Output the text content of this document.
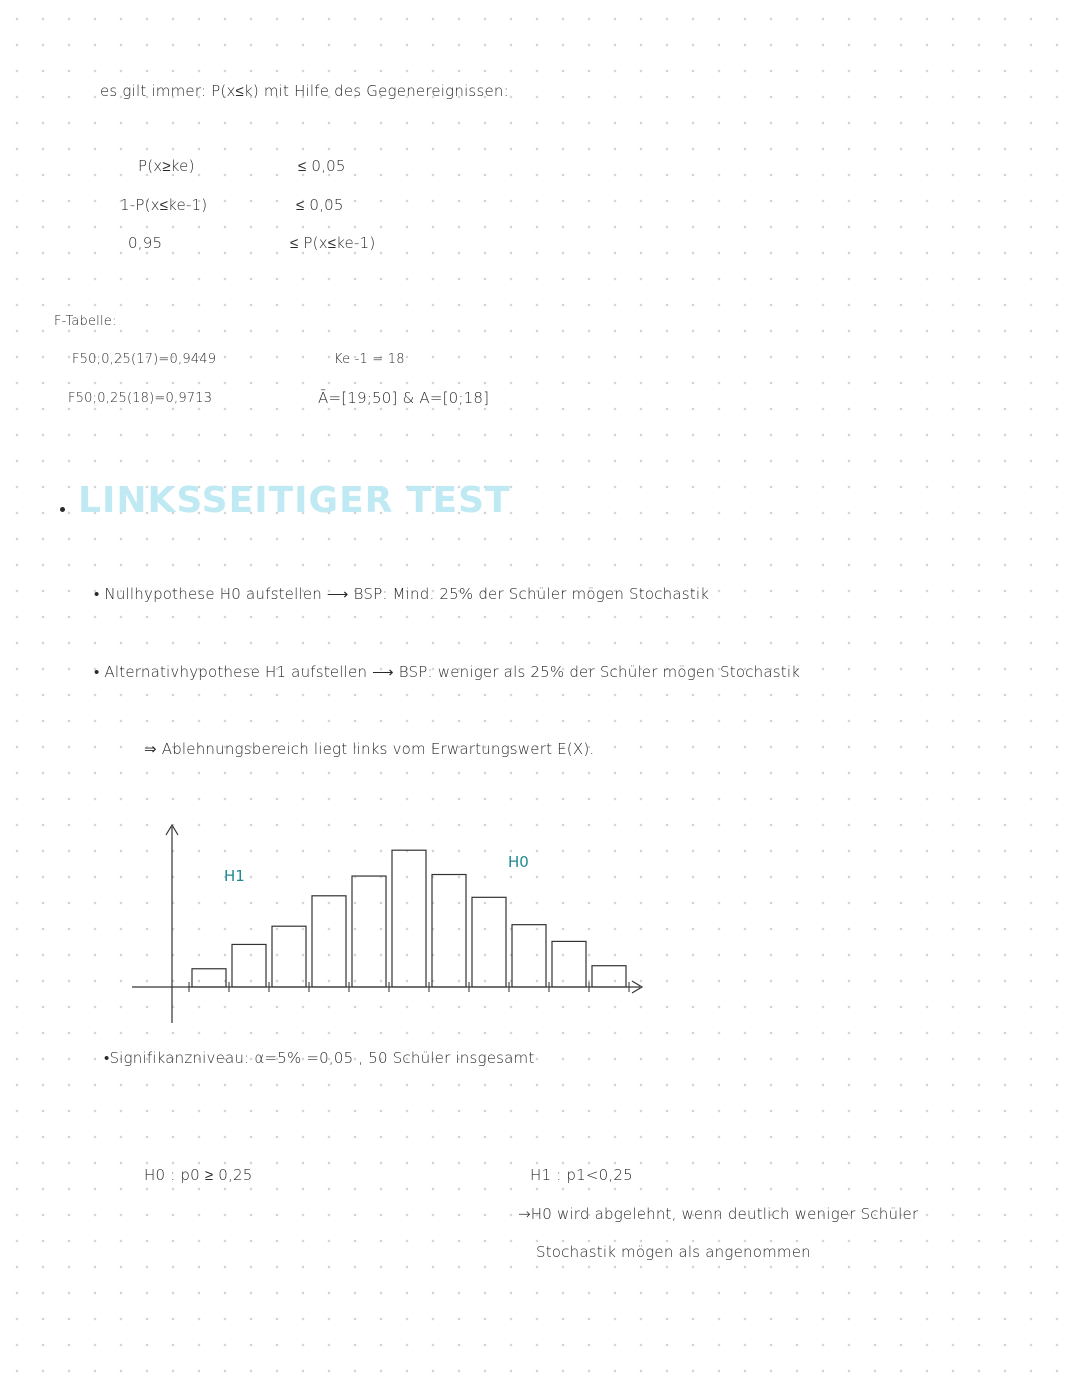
es gilt immer: P(x≤k) mit Hilfe des Gegenereignissen:
P(x≥ke)	≤ 0,05
1-P(x≤ke-1)	≤ 0,05
0,95	≤ P(x≤ke-1)
F-Tabelle:
F50;0,25(17)=0,9449	Ke -1 = 18
F50;0,25(18)=0,9713	Ā=[19;50] & A=[0;18]
LINKSSEITIGER TEST
• Nullhypothese H0 aufstellen ⟶ BSP: Mind. 25% der Schüler mögen Stochastik
• Alternativhypothese H1 aufstellen ⟶ BSP: weniger als 25% der Schüler mögen Stochastik
⇒ Ablehnungsbereich liegt links vom Erwartungswert E(X).
H1
H0
•Signifikanzniveau: α=5% =0,05 , 50 Schüler insgesamt
H0 : p0 ≥ 0,25	H1 : p1<0,25
→H0 wird abgelehnt, wenn deutlich weniger Schüler
Stochastik mögen als angenommen
